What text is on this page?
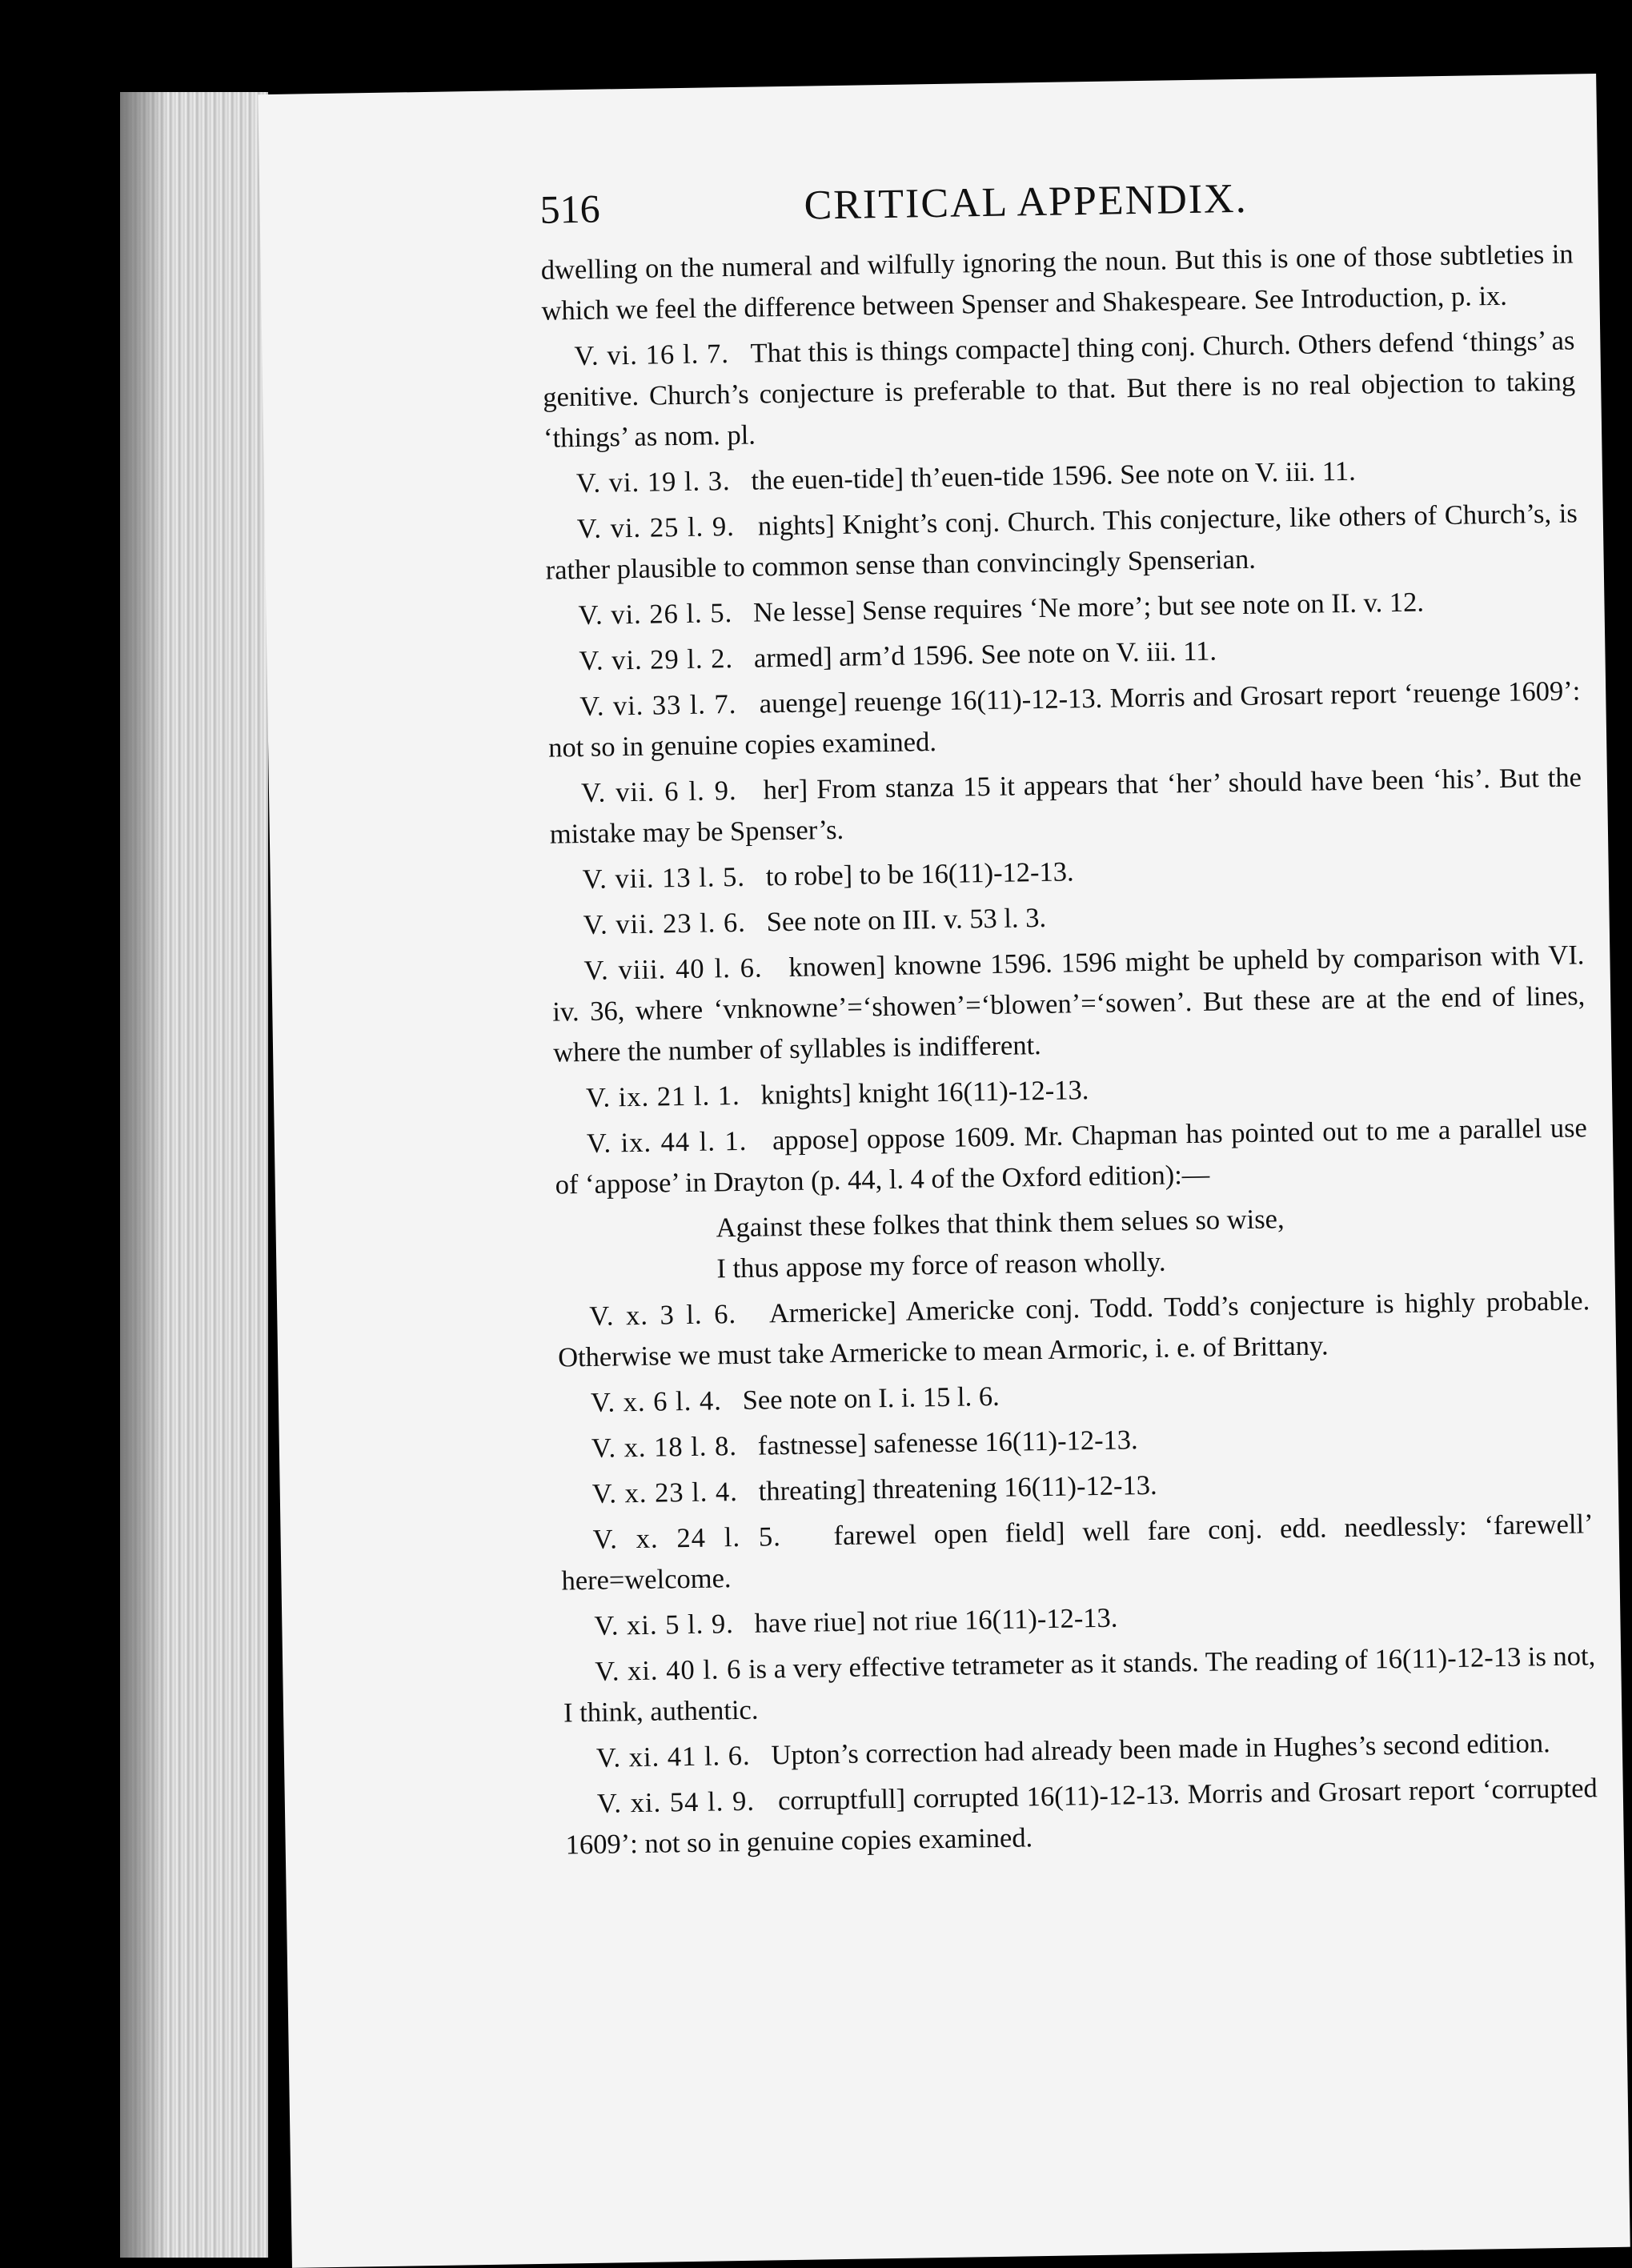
516	CRITICAL APPENDIX.

dwelling on the numeral and wilfully ignoring the noun. But this is one of those subtleties in which we feel the difference between Spenser and Shakespeare. See Introduction, p. ix.

V. vi. 16 l. 7. That this is things compacte] thing conj. Church. Others defend ‘things’ as genitive. Church’s conjecture is preferable to that. But there is no real objection to taking ‘things’ as nom. pl.

V. vi. 19 l. 3. the euen-tide] th’euen-tide 1596. See note on V. iii. 11.

V. vi. 25 l. 9. nights] Knight’s conj. Church. This conjecture, like others of Church’s, is rather plausible to common sense than convincingly Spenserian.

V. vi. 26 l. 5. Ne lesse] Sense requires ‘Ne more’; but see note on II. v. 12.

V. vi. 29 l. 2. armed] arm’d 1596. See note on V. iii. 11.

V. vi. 33 l. 7. auenge] reuenge 16(11)-12-13. Morris and Grosart report ‘reuenge 1609’: not so in genuine copies examined.

V. vii. 6 l. 9. her] From stanza 15 it appears that ‘her’ should have been ‘his’. But the mistake may be Spenser’s.

V. vii. 13 l. 5. to robe] to be 16(11)-12-13.

V. vii. 23 l. 6. See note on III. v. 53 l. 3.

V. viii. 40 l. 6. knowen] knowne 1596. 1596 might be upheld by comparison with VI. iv. 36, where ‘vnknowne’=‘showen’=‘blowen’=‘sowen’. But these are at the end of lines, where the number of syllables is indifferent.

V. ix. 21 l. 1. knights] knight 16(11)-12-13.

V. ix. 44 l. 1. appose] oppose 1609. Mr. Chapman has pointed out to me a parallel use of ‘appose’ in Drayton (p. 44, l. 4 of the Oxford edition):—

Against these folkes that think them selues so wise,

I thus appose my force of reason wholly.

V. x. 3 l. 6. Armericke] Americke conj. Todd. Todd’s conjecture is highly probable. Otherwise we must take Armericke to mean Armoric, i. e. of Brittany.

V. x. 6 l. 4. See note on I. i. 15 l. 6.

V. x. 18 l. 8. fastnesse] safenesse 16(11)-12-13.

V. x. 23 l. 4. threating] threatening 16(11)-12-13.

V. x. 24 l. 5. farewel open field] well fare conj. edd. needlessly: ‘farewell’ here=welcome.

V. xi. 5 l. 9. have riue] not riue 16(11)-12-13.

V. xi. 40 l. 6 is a very effective tetrameter as it stands. The reading of 16(11)-12-13 is not, I think, authentic.

V. xi. 41 l. 6. Upton’s correction had already been made in Hughes’s second edition.

V. xi. 54 l. 9. corruptfull] corrupted 16(11)-12-13. Morris and Grosart report ‘corrupted 1609’: not so in genuine copies examined.
